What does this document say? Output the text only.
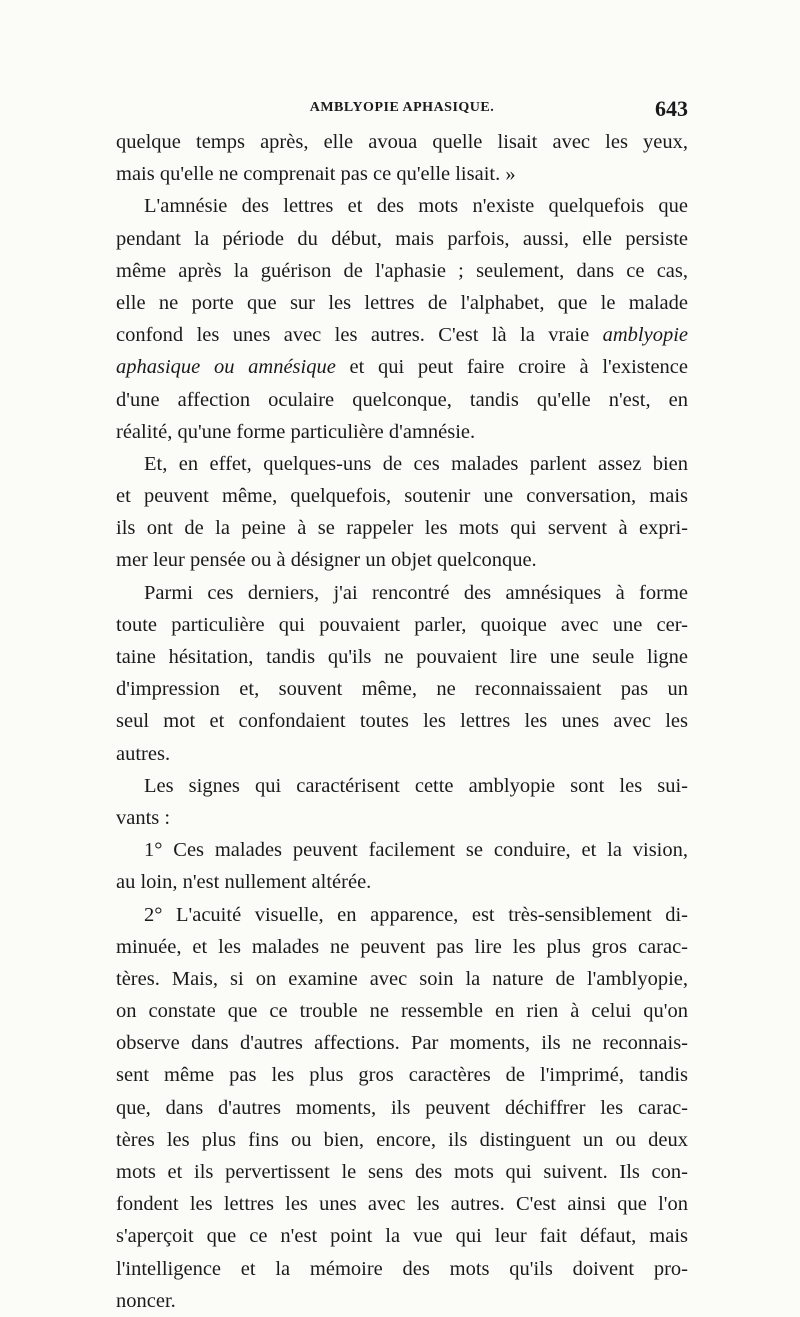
AMBLYOPIE APHASIQUE.	643
quelque temps après, elle avoua quelle lisait avec les yeux,
mais qu'elle ne comprenait pas ce qu'elle lisait. »
L'amnésie des lettres et des mots n'existe quelquefois que
pendant la période du début, mais parfois, aussi, elle persiste
même après la guérison de l'aphasie ; seulement, dans ce cas,
elle ne porte que sur les lettres de l'alphabet, que le malade
confond les unes avec les autres. C'est là la vraie amblyopie
aphasique ou amnésique et qui peut faire croire à l'existence
d'une affection oculaire quelconque, tandis qu'elle n'est, en
réalité, qu'une forme particulière d'amnésie.
Et, en effet, quelques-uns de ces malades parlent assez bien
et peuvent même, quelquefois, soutenir une conversation, mais
ils ont de la peine à se rappeler les mots qui servent à expri-
mer leur pensée ou à désigner un objet quelconque.
Parmi ces derniers, j'ai rencontré des amnésiques à forme
toute particulière qui pouvaient parler, quoique avec une cer-
taine hésitation, tandis qu'ils ne pouvaient lire une seule ligne
d'impression et, souvent même, ne reconnaissaient pas un
seul mot et confondaient toutes les lettres les unes avec les
autres.
Les signes qui caractérisent cette amblyopie sont les sui-
vants :
1° Ces malades peuvent facilement se conduire, et la vision,
au loin, n'est nullement altérée.
2° L'acuité visuelle, en apparence, est très-sensiblement di-
minuée, et les malades ne peuvent pas lire les plus gros carac-
tères. Mais, si on examine avec soin la nature de l'amblyopie,
on constate que ce trouble ne ressemble en rien à celui qu'on
observe dans d'autres affections. Par moments, ils ne reconnais-
sent même pas les plus gros caractères de l'imprimé, tandis
que, dans d'autres moments, ils peuvent déchiffrer les carac-
tères les plus fins ou bien, encore, ils distinguent un ou deux
mots et ils pervertissent le sens des mots qui suivent. Ils con-
fondent les lettres les unes avec les autres. C'est ainsi que l'on
s'aperçoit que ce n'est point la vue qui leur fait défaut, mais
l'intelligence et la mémoire des mots qu'ils doivent pro-
noncer.
